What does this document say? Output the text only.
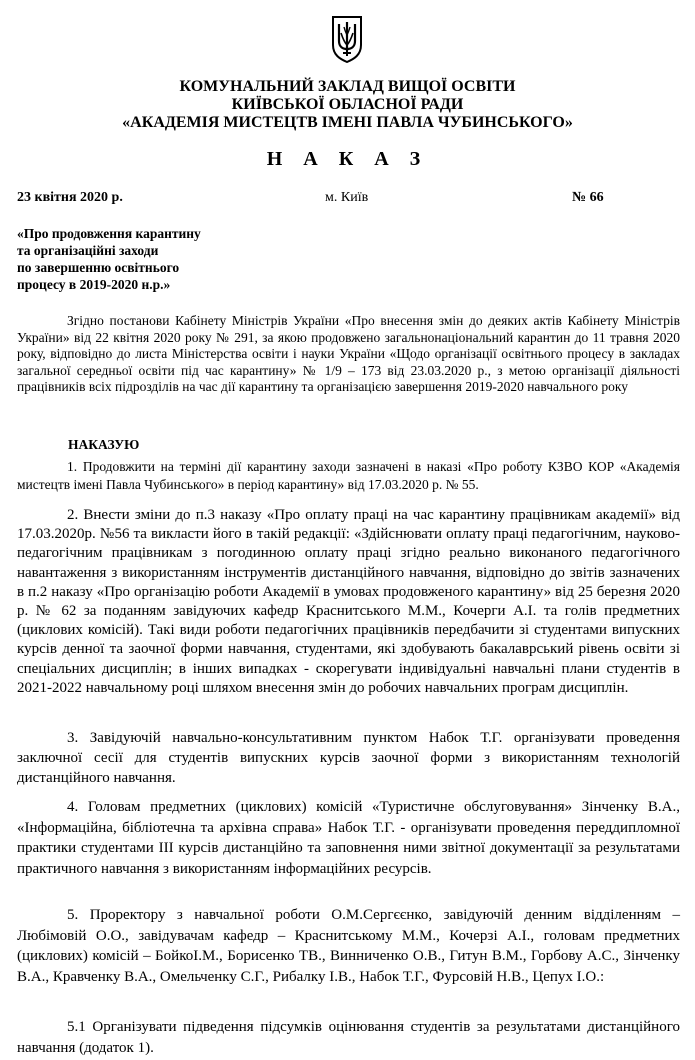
КОМУНАЛЬНИЙ ЗАКЛАД ВИЩОЇ ОСВІТИ
КИЇВСЬКОЇ ОБЛАСНОЇ РАДИ
«АКАДЕМІЯ МИСТЕЦТВ ІМЕНІ ПАВЛА ЧУБИНСЬКОГО»
Н А К А З
23 квітня 2020 р.	м. Київ	№ 66
«Про продовження карантину
та організаційні заходи
по завершенню освітнього
процесу в 2019-2020 н.р.»
Згідно постанови Кабінету Міністрів України «Про внесення змін до деяких актів Кабінету Міністрів України» від 22 квітня 2020 року № 291, за якою продовжено загальнонаціональний карантин до 11 травня 2020 року, відповідно до листа Міністерства освіти і науки України «Щодо організації освітнього процесу в закладах загальної середньої освіти під час карантину» № 1/9 – 173 від 23.03.2020 р., з метою організації діяльності працівників всіх підрозділів на час дії карантину та організацією завершення 2019-2020 навчального року
НАКАЗУЮ
1. Продовжити на терміні дії карантину заходи зазначені в наказі «Про роботу КЗВО КОР «Академія мистецтв імені Павла Чубинського» в період карантину» від 17.03.2020 р. № 55.
2. Внести зміни до п.3 наказу «Про оплату праці на час карантину працівникам академії» від 17.03.2020р. №56 та викласти його в такій редакції: «Здійснювати оплату праці педагогічним, науково-педагогічним працівникам з погодинною оплату праці згідно реально виконаного педагогічного навантаження з використанням інструментів дистанційного навчання, відповідно до звітів зазначених в п.2 наказу «Про організацію роботи Академії в умовах продовженого карантину» від 25 березня 2020 р. № 62 за поданням завідуючих кафедр Краснитського М.М., Кочерги А.І. та голів предметних (циклових комісій). Такі види роботи педагогічних працівників передбачити зі студентами випускних курсів денної та заочної форми навчання, студентами, які здобувають бакалаврський рівень освіти зі спеціальних дисциплін; в інших випадках - скорегувати індивідуальні навчальні плани студентів в 2021-2022 навчальному році шляхом внесення змін до робочих навчальних програм дисциплін.
3. Завідуючій навчально-консультативним пунктом Набок Т.Г. організувати проведення заключної сесії для студентів випускних курсів заочної форми з використанням технологій дистанційного навчання.
4. Головам предметних (циклових) комісій «Туристичне обслуговування» Зінченку В.А., «Інформаційна, бібліотечна та архівна справа» Набок Т.Г. - організувати проведення переддипломної практики студентами ІІІ курсів дистанційно та заповнення ними звітної документації за результатами практичного навчання з використанням інформаційних ресурсів.
5. Проректору з навчальної роботи О.М.Сергєєнко, завідуючій денним відділенням – Любімовій О.О., завідувачам кафедр – Краснитському М.М., Кочерзі А.І., головам предметних (циклових) комісій – БойкоІ.М., Борисенко ТВ., Винниченко О.В., Гитун В.М., Горбову А.С., Зінченку В.А., Кравченку В.А., Омельченку С.Г., Рибалку І.В., Набок Т.Г., Фурсовій Н.В., Цепух І.О.:
5.1 Організувати підведення підсумків оцінювання студентів за результатами дистанційного навчання (додаток 1).
